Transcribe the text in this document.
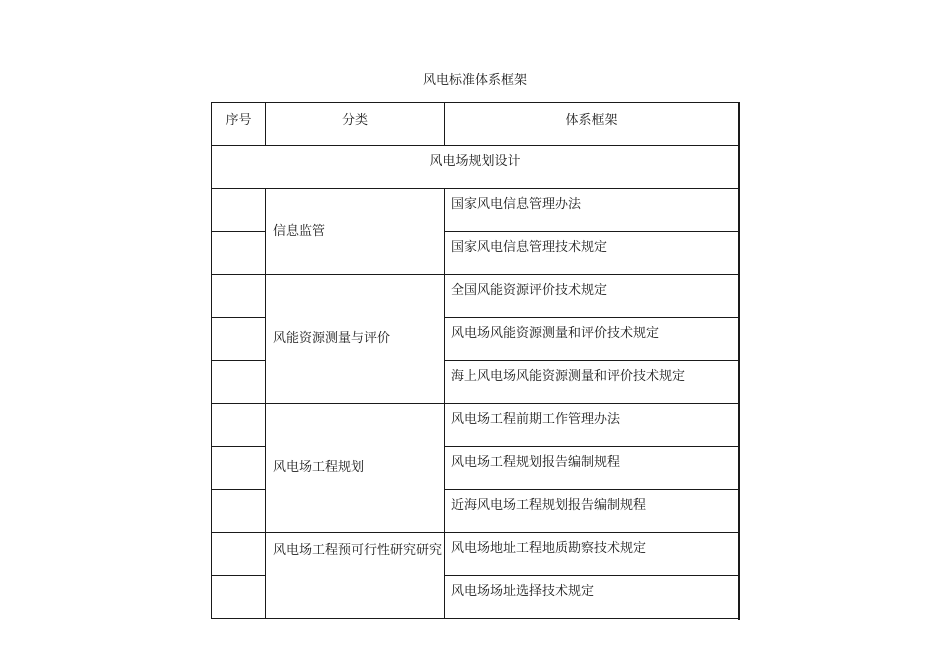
风电标准体系框架
序号	分类	体系框架
风电场规划设计		
	信息监管	国家风电信息管理办法
		国家风电信息管理技术规定
	风能资源测量与评价	全国风能资源评价技术规定
		风电场风能资源测量和评价技术规定
		海上风电场风能资源测量和评价技术规定
	风电场工程规划	风电场工程前期工作管理办法
		风电场工程规划报告编制规程
		近海风电场工程规划报告编制规程
	风电场工程预可行性研究研究	风电场地址工程地质勘察技术规定
		风电场场址选择技术规定
